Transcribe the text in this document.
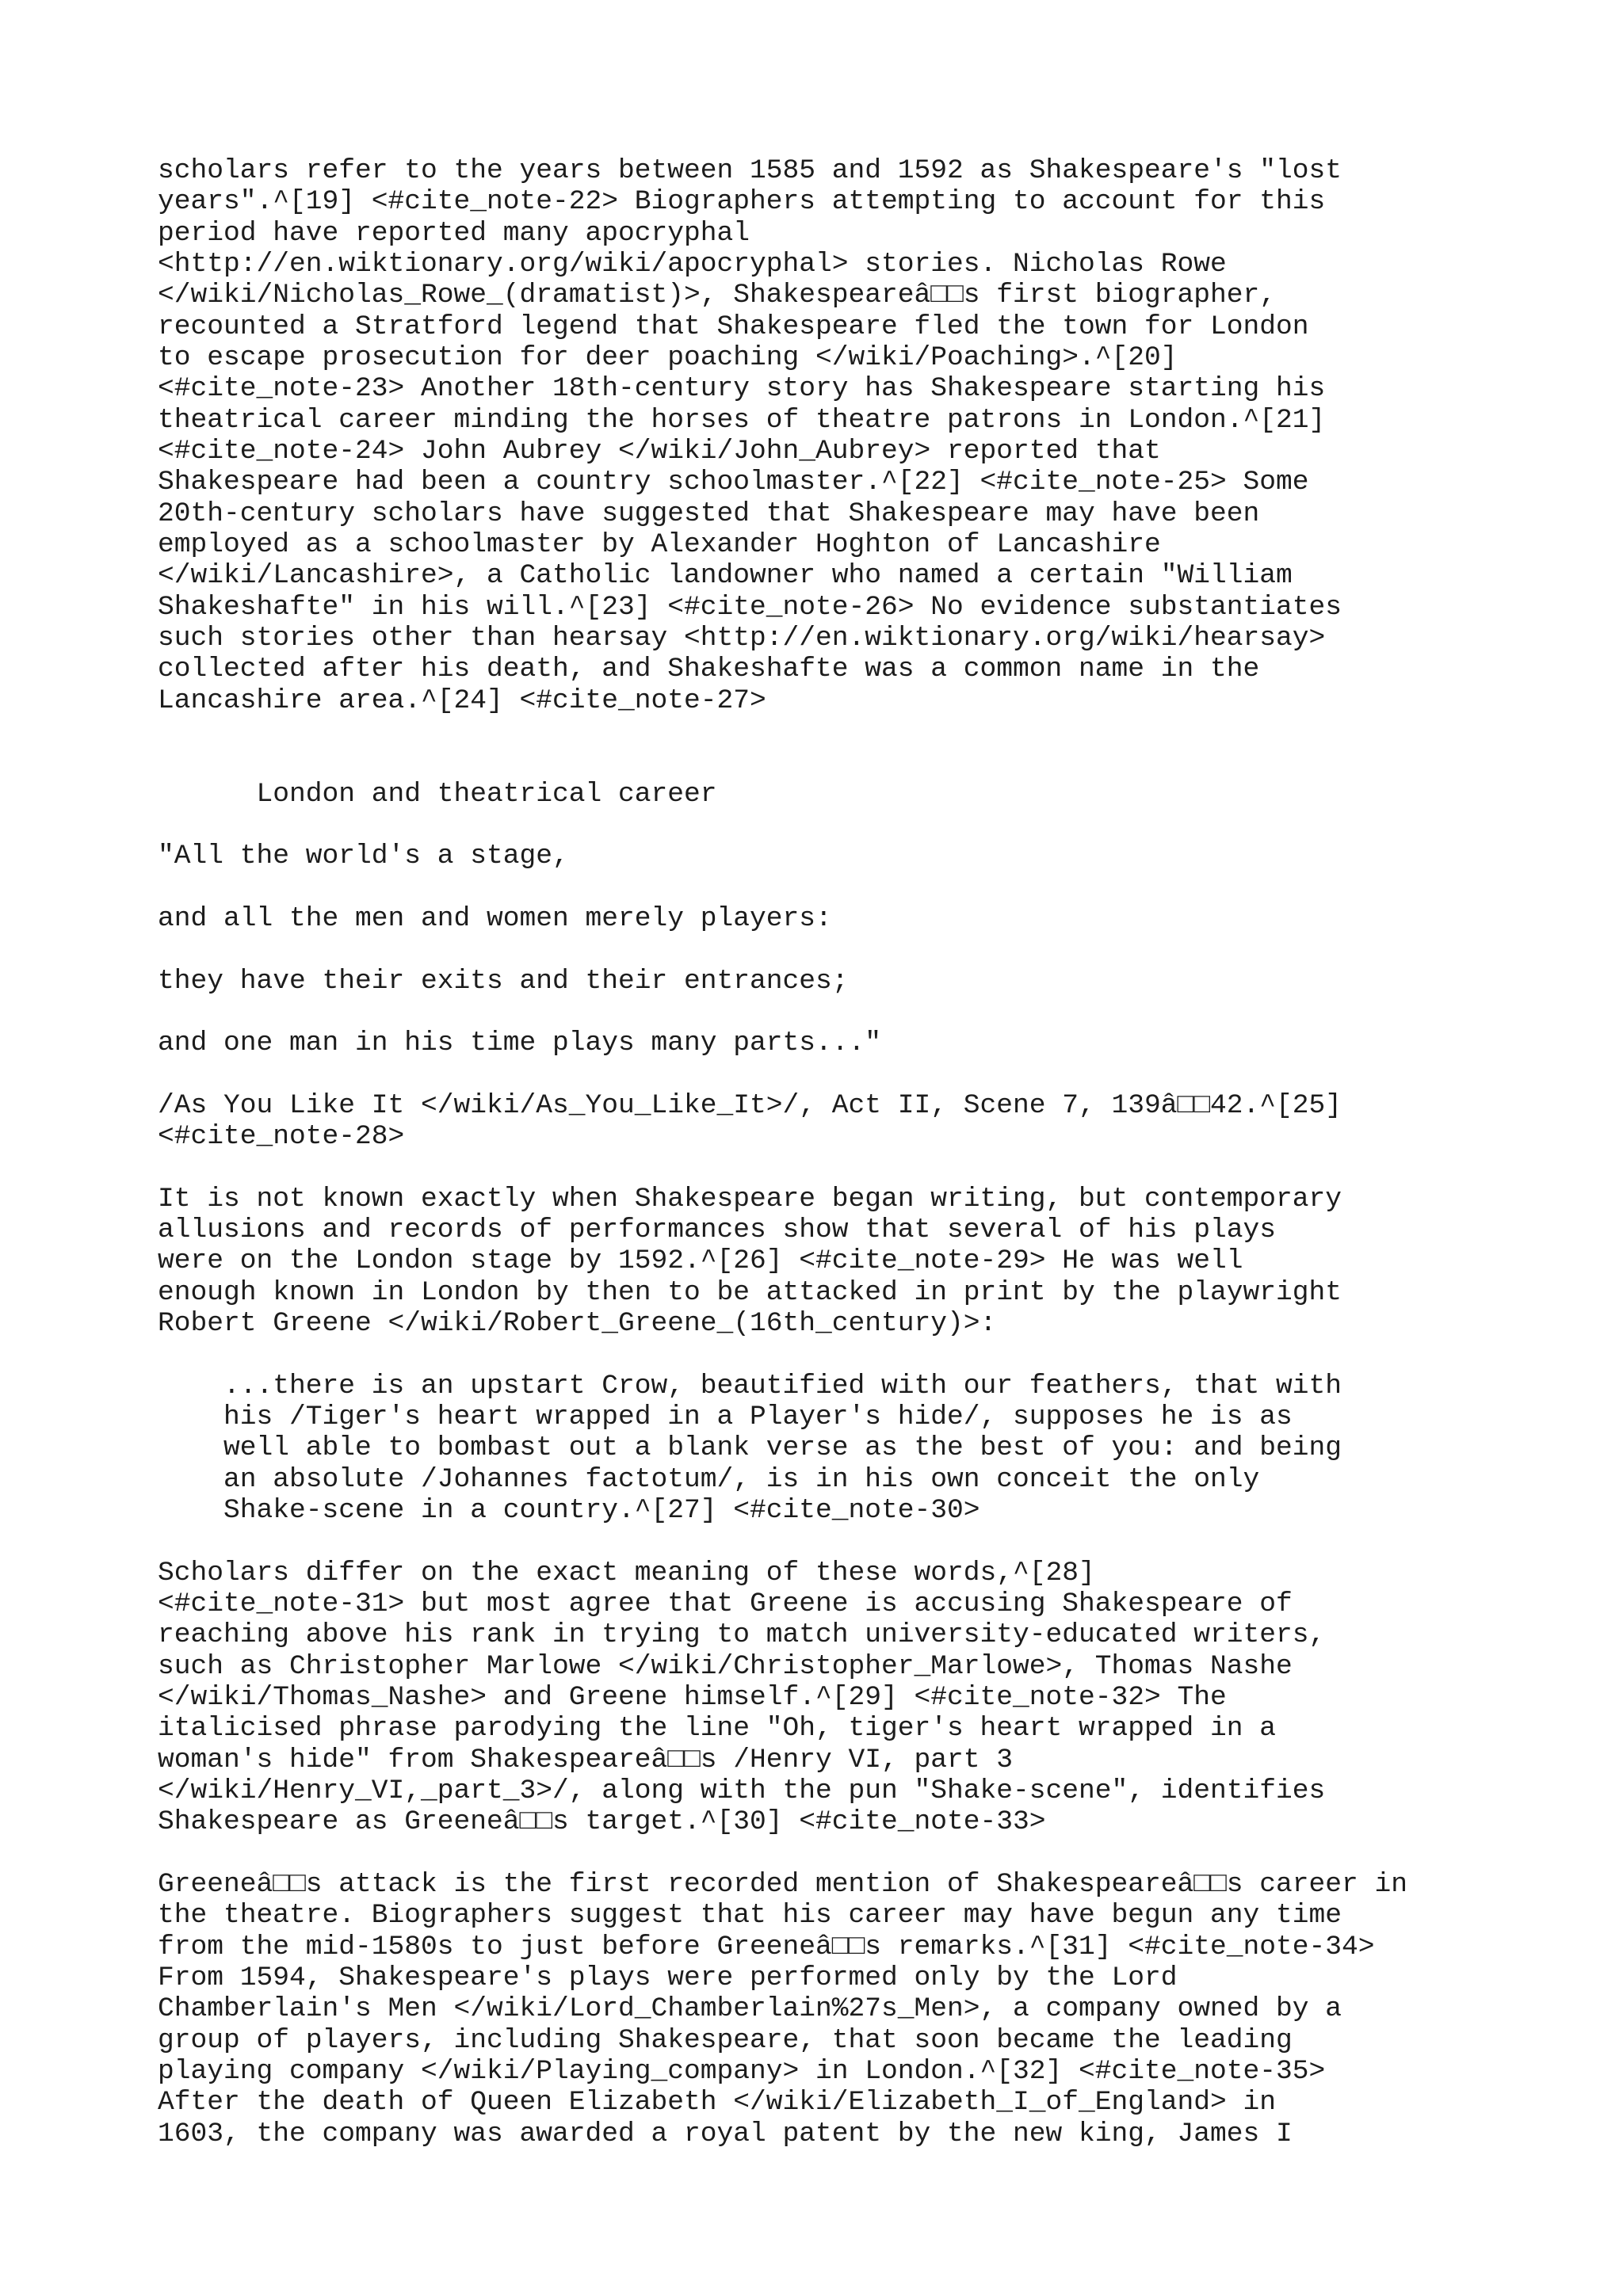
scholars refer to the years between 1585 and 1592 as Shakespeare's "lost
years".^[19] <#cite_note-22> Biographers attempting to account for this
period have reported many apocryphal
<http://en.wiktionary.org/wiki/apocryphal> stories. Nicholas Rowe
</wiki/Nicholas_Rowe_(dramatist)>, Shakespeareâ□□s first biographer,
recounted a Stratford legend that Shakespeare fled the town for London
to escape prosecution for deer poaching </wiki/Poaching>.^[20]
<#cite_note-23> Another 18th-century story has Shakespeare starting his
theatrical career minding the horses of theatre patrons in London.^[21]
<#cite_note-24> John Aubrey </wiki/John_Aubrey> reported that
Shakespeare had been a country schoolmaster.^[22] <#cite_note-25> Some
20th-century scholars have suggested that Shakespeare may have been
employed as a schoolmaster by Alexander Hoghton of Lancashire
</wiki/Lancashire>, a Catholic landowner who named a certain "William
Shakeshafte" in his will.^[23] <#cite_note-26> No evidence substantiates
such stories other than hearsay <http://en.wiktionary.org/wiki/hearsay>
collected after his death, and Shakeshafte was a common name in the
Lancashire area.^[24] <#cite_note-27>
London and theatrical career
"All the world's a stage,
and all the men and women merely players:
they have their exits and their entrances;
and one man in his time plays many parts..."
/As You Like It </wiki/As_You_Like_It>/, Act II, Scene 7, 139â□□42.^[25]
<#cite_note-28>
It is not known exactly when Shakespeare began writing, but contemporary
allusions and records of performances show that several of his plays
were on the London stage by 1592.^[26] <#cite_note-29> He was well
enough known in London by then to be attacked in print by the playwright
Robert Greene </wiki/Robert_Greene_(16th_century)>:
...there is an upstart Crow, beautified with our feathers, that with
his /Tiger's heart wrapped in a Player's hide/, supposes he is as
well able to bombast out a blank verse as the best of you: and being
an absolute /Johannes factotum/, is in his own conceit the only
Shake-scene in a country.^[27] <#cite_note-30>
Scholars differ on the exact meaning of these words,^[28]
<#cite_note-31> but most agree that Greene is accusing Shakespeare of
reaching above his rank in trying to match university-educated writers,
such as Christopher Marlowe </wiki/Christopher_Marlowe>, Thomas Nashe
</wiki/Thomas_Nashe> and Greene himself.^[29] <#cite_note-32> The
italicised phrase parodying the line "Oh, tiger's heart wrapped in a
woman's hide" from Shakespeareâ□□s /Henry VI, part 3
</wiki/Henry_VI,_part_3>/, along with the pun "Shake-scene", identifies
Shakespeare as Greeneâ□□s target.^[30] <#cite_note-33>
Greeneâ□□s attack is the first recorded mention of Shakespeareâ□□s career in
the theatre. Biographers suggest that his career may have begun any time
from the mid-1580s to just before Greeneâ□□s remarks.^[31] <#cite_note-34>
From 1594, Shakespeare's plays were performed only by the Lord
Chamberlain's Men </wiki/Lord_Chamberlain%27s_Men>, a company owned by a
group of players, including Shakespeare, that soon became the leading
playing company </wiki/Playing_company> in London.^[32] <#cite_note-35>
After the death of Queen Elizabeth </wiki/Elizabeth_I_of_England> in
1603, the company was awarded a royal patent by the new king, James I
